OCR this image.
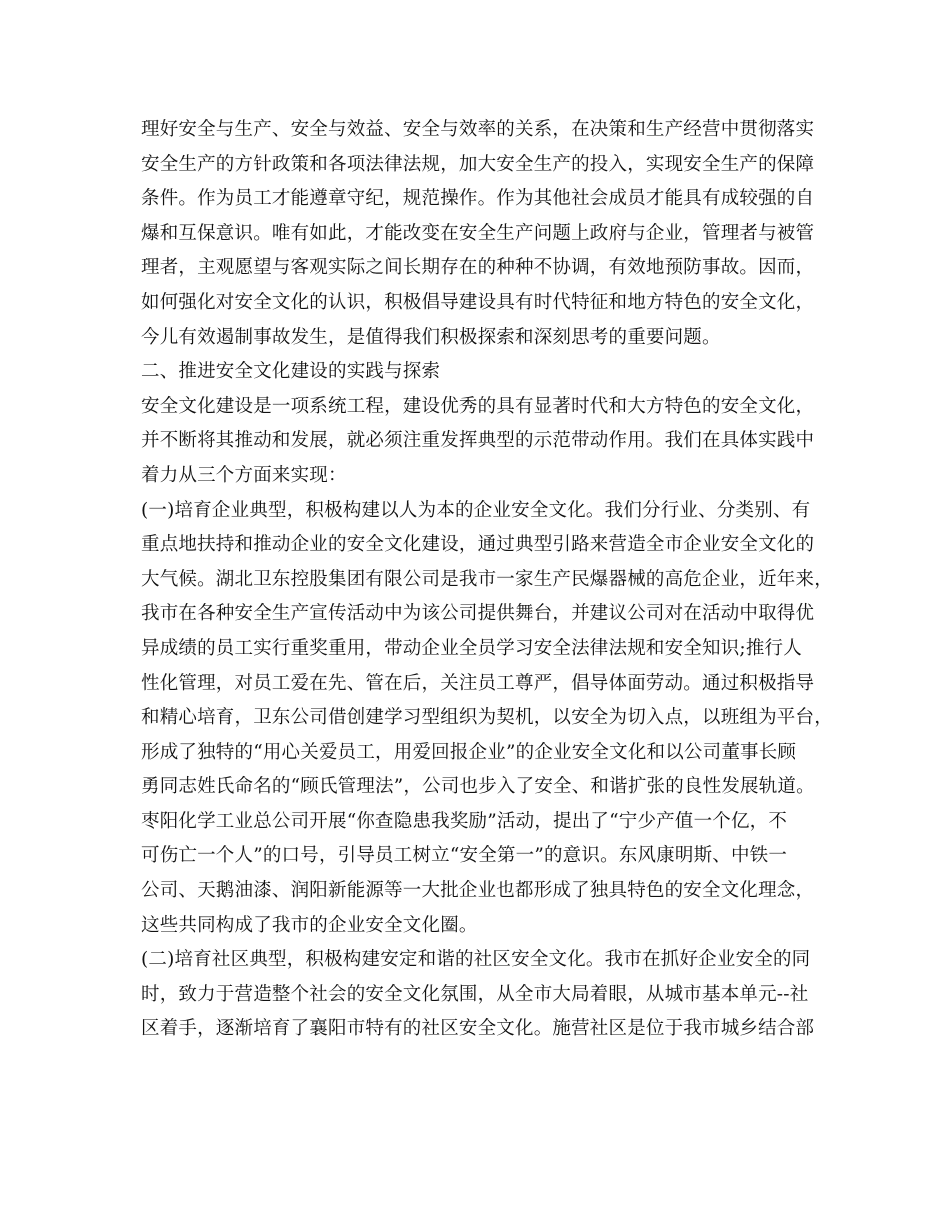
理好安全与生产、安全与效益、安全与效率的关系，在决策和生产经营中贯彻落实
安全生产的方针政策和各项法律法规，加大安全生产的投入，实现安全生产的保障
条件。作为员工才能遵章守纪，规范操作。作为其他社会成员才能具有成较强的自
爆和互保意识。唯有如此，才能改变在安全生产问题上政府与企业，管理者与被管
理者，主观愿望与客观实际之间长期存在的种种不协调，有效地预防事故。因而，
如何强化对安全文化的认识，积极倡导建设具有时代特征和地方特色的安全文化，
今儿有效遏制事故发生，是值得我们积极探索和深刻思考的重要问题。
二、推进安全文化建设的实践与探索
安全文化建设是一项系统工程，建设优秀的具有显著时代和大方特色的安全文化，
并不断将其推动和发展，就必须注重发挥典型的示范带动作用。我们在具体实践中
着力从三个方面来实现：
(一)培育企业典型，积极构建以人为本的企业安全文化。我们分行业、分类别、有
重点地扶持和推动企业的安全文化建设，通过典型引路来营造全市企业安全文化的
大气候。湖北卫东控股集团有限公司是我市一家生产民爆器械的高危企业，近年来，
我市在各种安全生产宣传活动中为该公司提供舞台，并建议公司对在活动中取得优
异成绩的员工实行重奖重用，带动企业全员学习安全法律法规和安全知识;推行人
性化管理，对员工爱在先、管在后，关注员工尊严，倡导体面劳动。通过积极指导
和精心培育，卫东公司借创建学习型组织为契机，以安全为切入点，以班组为平台，
形成了独特的“用心关爱员工，用爱回报企业”的企业安全文化和以公司董事长顾
勇同志姓氏命名的“顾氏管理法”，公司也步入了安全、和谐扩张的良性发展轨道。
枣阳化学工业总公司开展“你查隐患我奖励”活动，提出了“宁少产值一个亿，不
可伤亡一个人”的口号，引导员工树立“安全第一”的意识。东风康明斯、中铁一
公司、天鹅油漆、润阳新能源等一大批企业也都形成了独具特色的安全文化理念，
这些共同构成了我市的企业安全文化圈。
(二)培育社区典型，积极构建安定和谐的社区安全文化。我市在抓好企业安全的同
时，致力于营造整个社会的安全文化氛围，从全市大局着眼，从城市基本单元--社
区着手，逐渐培育了襄阳市特有的社区安全文化。施营社区是位于我市城乡结合部
